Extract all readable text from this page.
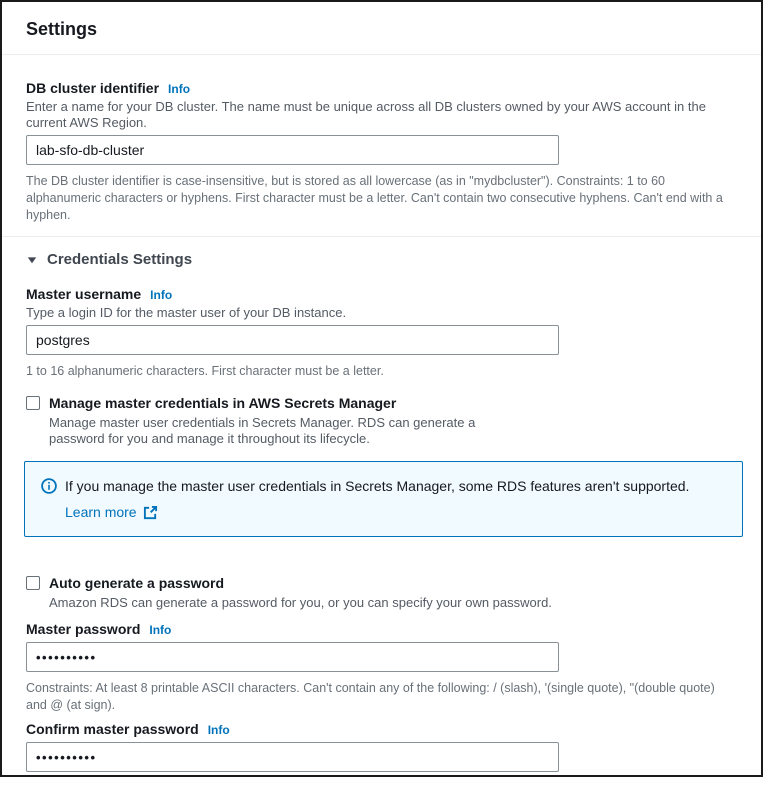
Settings
DB cluster identifier Info
Enter a name for your DB cluster. The name must be unique across all DB clusters owned by your AWS account in the current AWS Region.
lab-sfo-db-cluster
The DB cluster identifier is case-insensitive, but is stored as all lowercase (as in "mydbcluster"). Constraints: 1 to 60 alphanumeric characters or hyphens. First character must be a letter. Can't contain two consecutive hyphens. Can't end with a hyphen.
Credentials Settings
Master username Info
Type a login ID for the master user of your DB instance.
postgres
1 to 16 alphanumeric characters. First character must be a letter.
Manage master credentials in AWS Secrets Manager
Manage master user credentials in Secrets Manager. RDS can generate a password for you and manage it throughout its lifecycle.
If you manage the master user credentials in Secrets Manager, some RDS features aren't supported.
Learn more
Auto generate a password
Amazon RDS can generate a password for you, or you can specify your own password.
Master password Info
••••••••••
Constraints: At least 8 printable ASCII characters. Can't contain any of the following: / (slash), '(single quote), "(double quote) and @ (at sign).
Confirm master password Info
••••••••••
